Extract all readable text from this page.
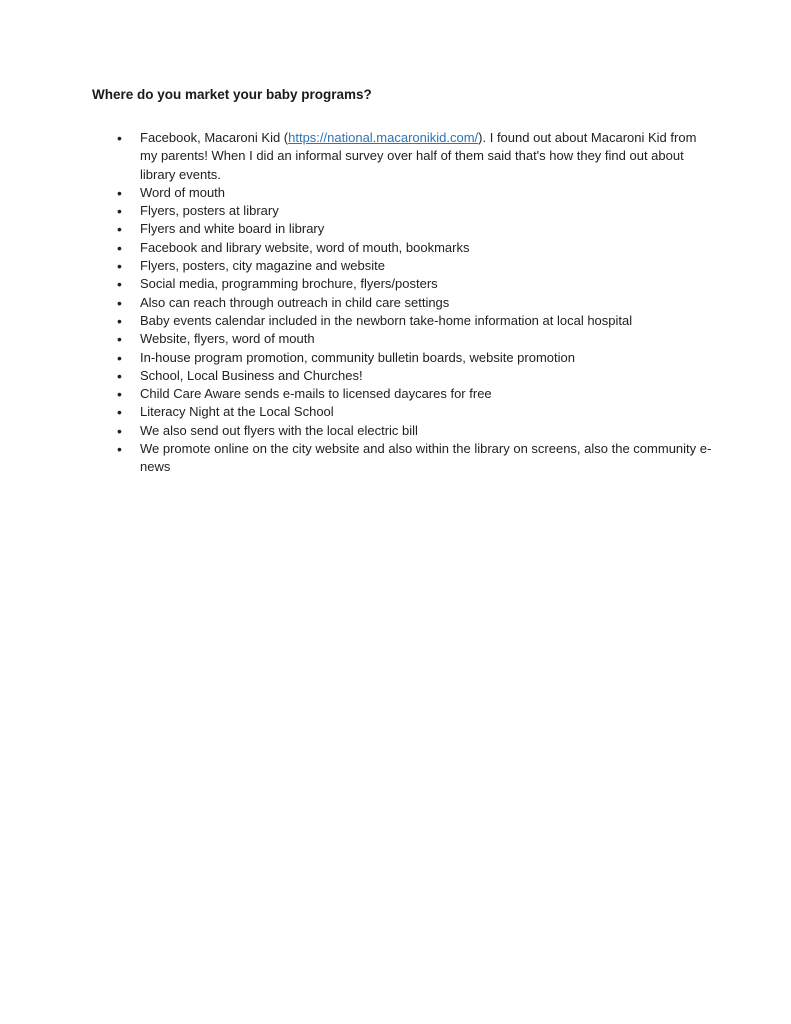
Where do you market your baby programs?
• Facebook, Macaroni Kid (https://national.macaronikid.com/). I found out about Macaroni Kid from my parents! When I did an informal survey over half of them said that's how they find out about library events.
• Word of mouth
• Flyers, posters at library
• Flyers and white board in library
• Facebook and library website, word of mouth, bookmarks
• Flyers, posters, city magazine and website
• Social media, programming brochure, flyers/posters
• Also can reach through outreach in child care settings
• Baby events calendar included in the newborn take-home information at local hospital
• Website, flyers, word of mouth
• In-house program promotion, community bulletin boards, website promotion
• School, Local Business and Churches!
• Child Care Aware sends e-mails to licensed daycares for free
• Literacy Night at the Local School
• We also send out flyers with the local electric bill
• We promote online on the city website and also within the library on screens, also the community e-news
